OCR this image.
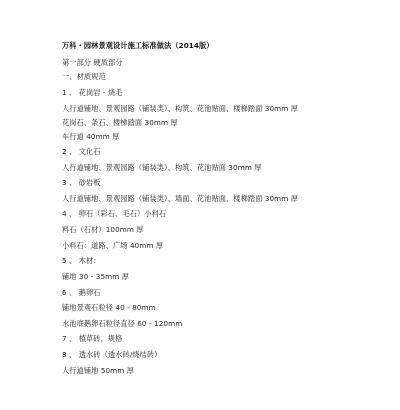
万科・园林景观设计施工标准做法（2014版）
第一部分 硬质部分
一、材质规范
1 、 花岗岩 - 烧毛
人行道铺地、景观园路（铺装类）、构筑、花池贴面、楼梯踏面 30mm 厚
花岗石、条石、楼梯踏面 30mm 厚
车行道 40mm 厚
2 、 文化石
人行道铺地、景观园路（铺装类）、构筑、花池贴面 30mm 厚
3 、 砂岩板
人行道铺地、景观园路（铺装类）、墙面、花池贴面、楼梯踏面 30mm 厚
4 、 卵石（彩石、毛石）小料石
料石（石材）100mm 厚
小料石：道路、广场 40mm 厚
5 、 木材：
铺地 30 - 35mm 厚
6 、 鹅卵石
铺地景观石粒径 40 - 80mm
水池底鹅卵石粒径直径 60 - 120mm
7 、 植草砖，规格
8 、 透水砖（透水砖/烧结砖）
人行道铺地 50mm 厚
